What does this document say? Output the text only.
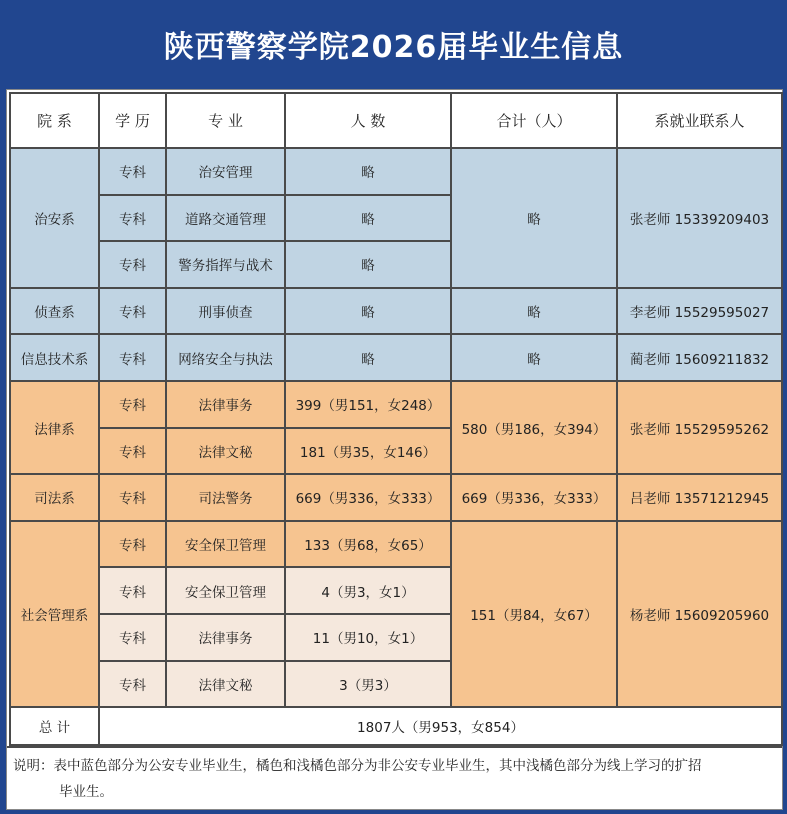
陕西警察学院2026届毕业生信息
院 系	学 历	专 业	人 数	合计（人）	系就业联系人
治安系	专科	治安管理	略	略	张老师 15339209403
	专科	道路交通管理	略		
	专科	警务指挥与战术	略		
侦查系	专科	刑事侦查	略	略	李老师 15529595027
信息技术系	专科	网络安全与执法	略	略	蔺老师 15609211832
法律系	专科	法律事务	399（男151，女248）	580（男186，女394）	张老师 15529595262
	专科	法律文秘	181（男35，女146）		
司法系	专科	司法警务	669（男336，女333）	669（男336，女333）	吕老师 13571212945
社会管理系	专科	安全保卫管理	133（男68，女65）	151（男84，女67）	杨老师 15609205960
	专科	安全保卫管理	4（男3，女1）		
	专科	法律事务	11（男10，女1）		
	专科	法律文秘	3（男3）		
总 计	1807人（男953，女854）				
说明：表中蓝色部分为公安专业毕业生，橘色和浅橘色部分为非公安专业毕业生，其中浅橘色部分为线上学习的扩招
毕业生。
